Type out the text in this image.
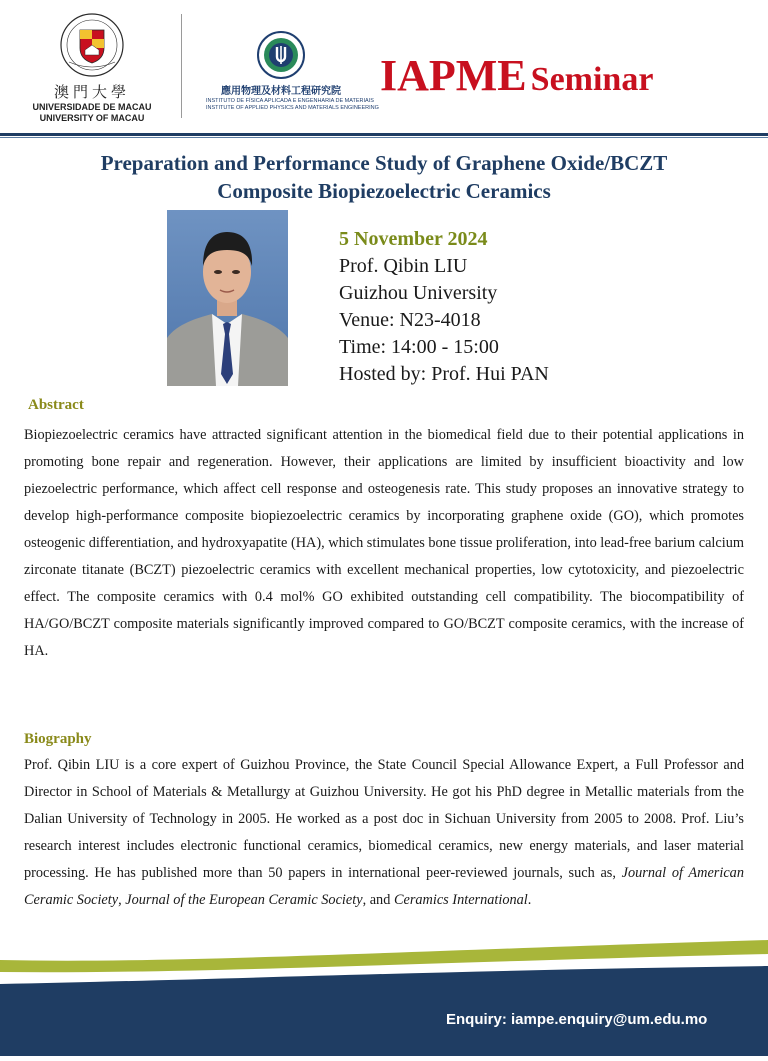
澳門大學
UNIVERSIDADE DE MACAU
UNIVERSITY OF MACAU
應用物理及材料工程研究院
INSTITUTO DE FÍSICA APLICADA E ENGENHARIA DE MATERIAIS
INSTITUTE OF APPLIED PHYSICS AND MATERIALS ENGINEERING
IAPME Seminar
Preparation and Performance Study of Graphene Oxide/BCZT
Composite Biopiezoelectric Ceramics
5 November 2024
Prof. Qibin LIU
Guizhou University
Venue: N23-4018
Time: 14:00 - 15:00
Hosted by: Prof. Hui PAN
Abstract
Biopiezoelectric ceramics have attracted significant attention in the biomedical field due to their potential applications in promoting bone repair and regeneration. However, their applications are limited by insufficient bioactivity and low piezoelectric performance, which affect cell response and osteogenesis rate. This study proposes an innovative strategy to develop high-performance composite biopiezoelectric ceramics by incorporating graphene oxide (GO), which promotes osteogenic differentiation, and hydroxyapatite (HA), which stimulates bone tissue proliferation, into lead-free barium calcium zirconate titanate (BCZT) piezoelectric ceramics with excellent mechanical properties, low cytotoxicity, and piezoelectric effect. The composite ceramics with 0.4 mol% GO exhibited outstanding cell compatibility. The biocompatibility of HA/GO/BCZT composite materials significantly improved compared to GO/BCZT composite ceramics, with the increase of HA.
Biography
Prof. Qibin LIU is a core expert of Guizhou Province, the State Council Special Allowance Expert, a Full Professor and Director in School of Materials & Metallurgy at Guizhou University. He got his PhD degree in Metallic materials from the Dalian University of Technology in 2005. He worked as a post doc in Sichuan University from 2005 to 2008. Prof. Liu’s research interest includes electronic functional ceramics, biomedical ceramics, new energy materials, and laser material processing. He has published more than 50 papers in international peer-reviewed journals, such as, Journal of American Ceramic Society, Journal of the European Ceramic Society, and Ceramics International.
Enquiry: iampe.enquiry@um.edu.mo
